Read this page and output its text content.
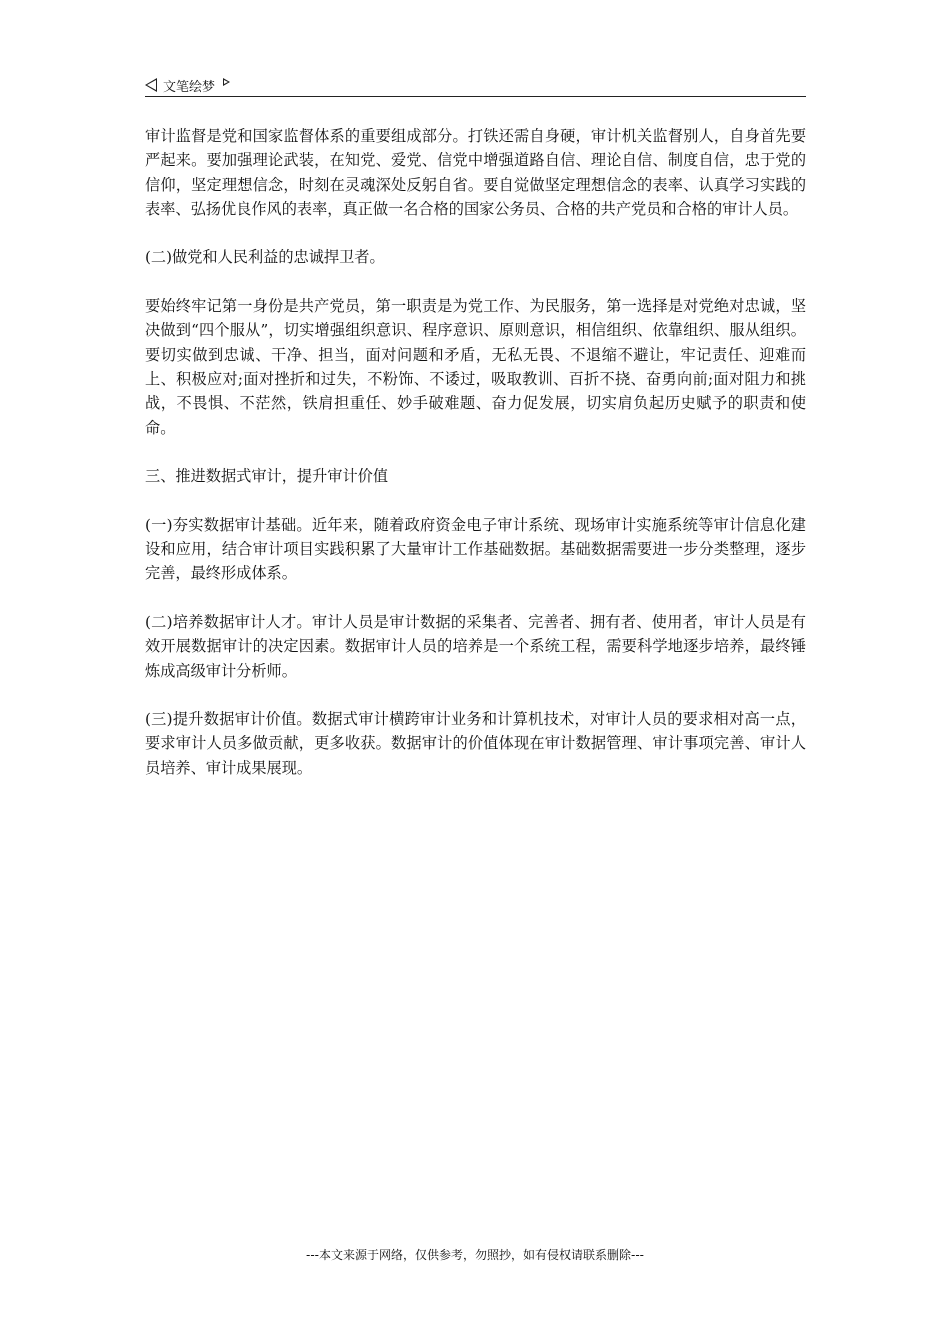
文笔绘梦

审计监督是党和国家监督体系的重要组成部分。打铁还需自身硬，审计机关监督别人，自身首先要严起来。要加强理论武装，在知党、爱党、信党中增强道路自信、理论自信、制度自信，忠于党的信仰，坚定理想信念，时刻在灵魂深处反躬自省。要自觉做坚定理想信念的表率、认真学习实践的表率、弘扬优良作风的表率，真正做一名合格的国家公务员、合格的共产党员和合格的审计人员。

(二)做党和人民利益的忠诚捍卫者。

要始终牢记第一身份是共产党员，第一职责是为党工作、为民服务，第一选择是对党绝对忠诚，坚决做到“四个服从”，切实增强组织意识、程序意识、原则意识，相信组织、依靠组织、服从组织。要切实做到忠诚、干净、担当，面对问题和矛盾，无私无畏、不退缩不避让，牢记责任、迎难而上、积极应对;面对挫折和过失，不粉饰、不诿过，吸取教训、百折不挠、奋勇向前;面对阻力和挑战，不畏惧、不茫然，铁肩担重任、妙手破难题、奋力促发展，切实肩负起历史赋予的职责和使命。

三、推进数据式审计，提升审计价值

(一)夯实数据审计基础。近年来，随着政府资金电子审计系统、现场审计实施系统等审计信息化建设和应用，结合审计项目实践积累了大量审计工作基础数据。基础数据需要进一步分类整理，逐步完善，最终形成体系。

(二)培养数据审计人才。审计人员是审计数据的采集者、完善者、拥有者、使用者，审计人员是有效开展数据审计的决定因素。数据审计人员的培养是一个系统工程，需要科学地逐步培养，最终锤炼成高级审计分析师。

(三)提升数据审计价值。数据式审计横跨审计业务和计算机技术，对审计人员的要求相对高一点，要求审计人员多做贡献，更多收获。数据审计的价值体现在审计数据管理、审计事项完善、审计人员培养、审计成果展现。

---本文来源于网络，仅供参考，勿照抄，如有侵权请联系删除---
